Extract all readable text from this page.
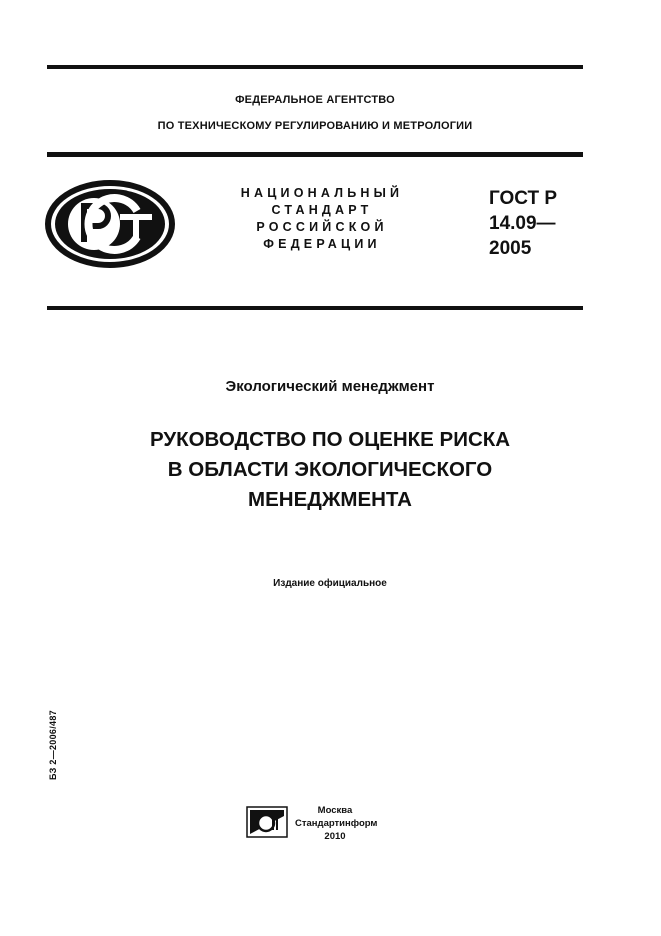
ФЕДЕРАЛЬНОЕ АГЕНТСТВО
ПО ТЕХНИЧЕСКОМУ РЕГУЛИРОВАНИЮ И МЕТРОЛОГИИ
НАЦИОНАЛЬНЫЙ
СТАНДАРТ
РОССИЙСКОЙ
ФЕДЕРАЦИИ
ГОСТ Р
14.09—
2005
Экологический менеджмент
РУКОВОДСТВО ПО ОЦЕНКЕ РИСКА
В ОБЛАСТИ ЭКОЛОГИЧЕСКОГО
МЕНЕДЖМЕНТА
Издание официальное
БЗ 2—2006/487
Москва
Стандартинформ
2010
